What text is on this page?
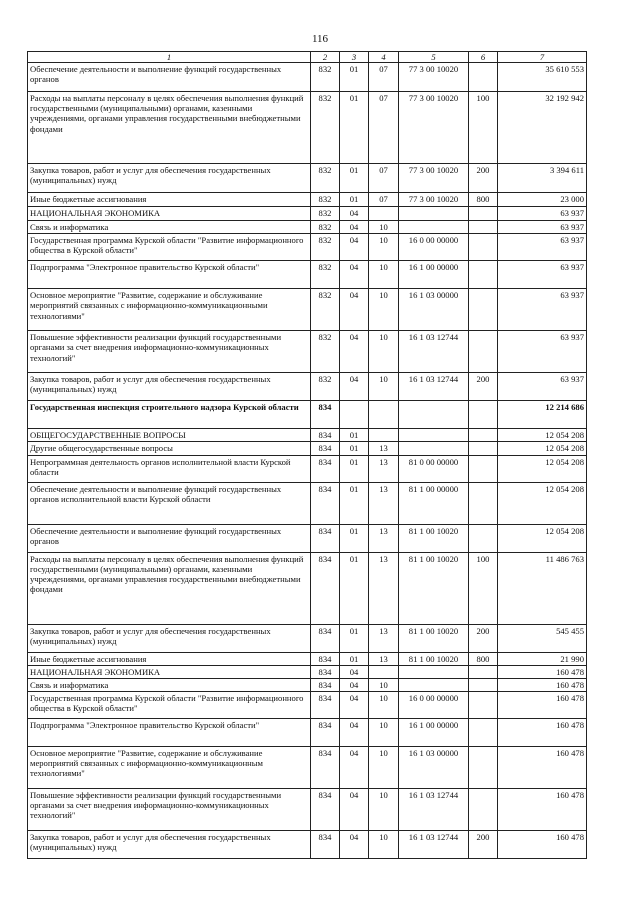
116
1	2	3	4	5	6	7
Обеспечение деятельности и выполнение функций государственных органов	832	01	07	77 3 00 10020		35 610 553
Расходы на выплаты персоналу в целях обеспечения выполнения функций государственными (муниципальными) органами, казенными учреждениями, органами управления государственными внебюджетными фондами	832	01	07	77 3 00 10020	100	32 192 942
Закупка товаров, работ и услуг для обеспечения государственных (муниципальных) нужд	832	01	07	77 3 00 10020	200	3 394 611
Иные бюджетные ассигнования	832	01	07	77 3 00 10020	800	23 000
НАЦИОНАЛЬНАЯ ЭКОНОМИКА	832	04				63 937
Связь и информатика	832	04	10			63 937
Государственная программа Курской области "Развитие информационного общества в Курской области"	832	04	10	16 0 00 00000		63 937
Подпрограмма "Электронное правительство Курской области"	832	04	10	16 1 00 00000		63 937
Основное мероприятие "Развитие, содержание и обслуживание мероприятий связанных с информационно-коммуникационными технологиями"	832	04	10	16 1 03 00000		63 937
Повышение эффективности реализации функций государственными органами за счет внедрения информационно-коммуникационных технологий"	832	04	10	16 1 03 12744		63 937
Закупка товаров, работ и услуг для обеспечения государственных (муниципальных) нужд	832	04	10	16 1 03 12744	200	63 937
Государственная инспекция строительного надзора Курской области	834					12 214 686
ОБЩЕГОСУДАРСТВЕННЫЕ ВОПРОСЫ	834	01				12 054 208
Другие общегосударственные вопросы	834	01	13			12 054 208
Непрограммная деятельность органов исполнительной власти Курской области	834	01	13	81 0 00 00000		12 054 208
Обеспечение деятельности и выполнение функций государственных органов исполнительной власти Курской области	834	01	13	81 1 00 00000		12 054 208
Обеспечение деятельности и выполнение функций государственных органов	834	01	13	81 1 00 10020		12 054 208
Расходы на выплаты персоналу в целях обеспечения выполнения функций государственными (муниципальными) органами, казенными учреждениями, органами управления государственными внебюджетными фондами	834	01	13	81 1 00 10020	100	11 486 763
Закупка товаров, работ и услуг для обеспечения государственных (муниципальных) нужд	834	01	13	81 1 00 10020	200	545 455
Иные бюджетные ассигнования	834	01	13	81 1 00 10020	800	21 990
НАЦИОНАЛЬНАЯ ЭКОНОМИКА	834	04				160 478
Связь и информатика	834	04	10			160 478
Государственная программа Курской области "Развитие информационного общества в Курской области"	834	04	10	16 0 00 00000		160 478
Подпрограмма "Электронное правительство Курской области"	834	04	10	16 1 00 00000		160 478
Основное мероприятие "Развитие, содержание и обслуживание мероприятий связанных с информационно-коммуникационным технологиями"	834	04	10	16 1 03 00000		160 478
Повышение эффективности реализации функций государственными органами за счет внедрения информационно-коммуникационных технологий"	834	04	10	16 1 03 12744		160 478
Закупка товаров, работ и услуг для обеспечения государственных (муниципальных) нужд	834	04	10	16 1 03 12744	200	160 478
